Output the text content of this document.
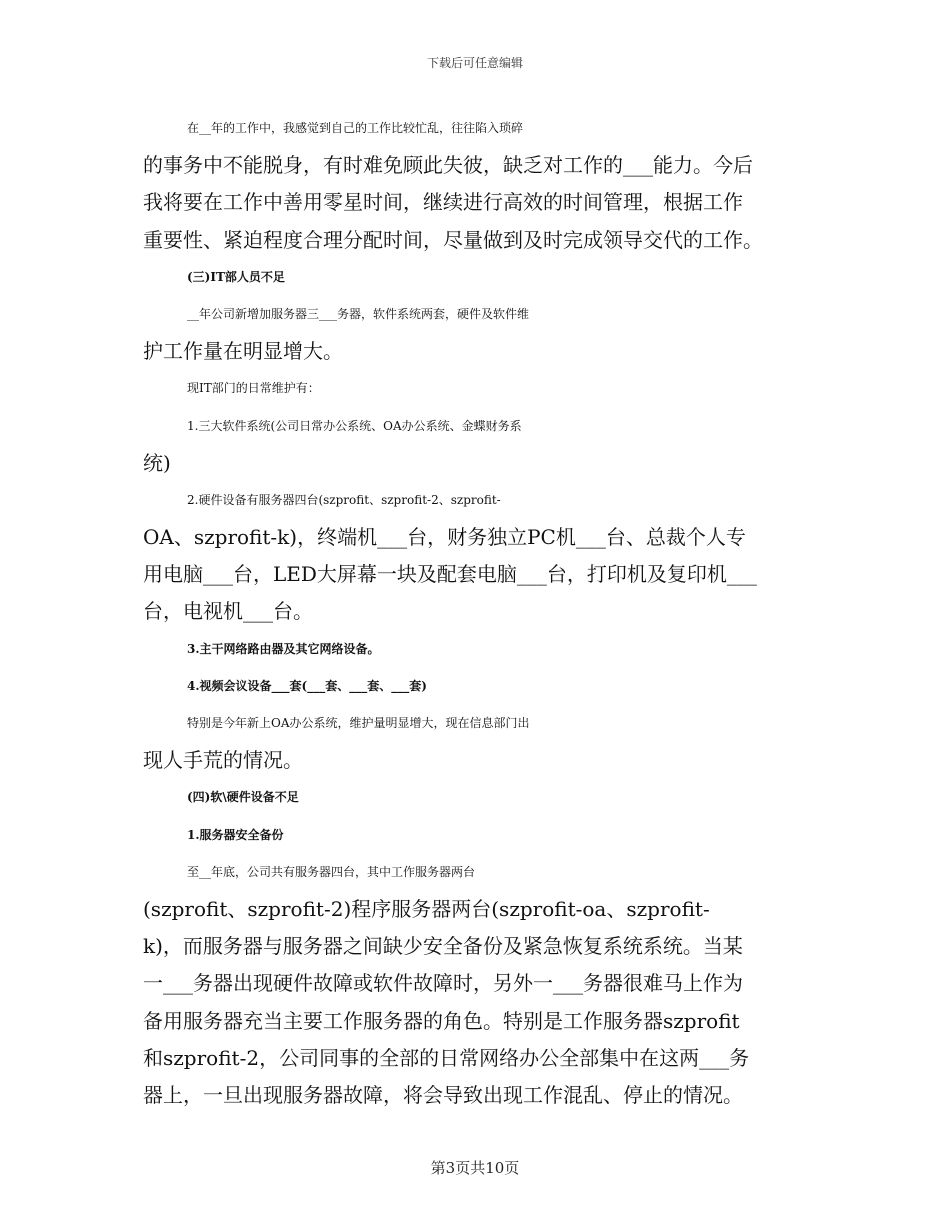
下载后可任意编辑
在__年的工作中，我感觉到自己的工作比较忙乱，往往陷入琐碎
的事务中不能脱身，有时难免顾此失彼，缺乏对工作的___能力。今后
我将要在工作中善用零星时间，继续进行高效的时间管理，根据工作
重要性、紧迫程度合理分配时间，尽量做到及时完成领导交代的工作。
(三)IT部人员不足
__年公司新增加服务器三___务器，软件系统两套，硬件及软件维
护工作量在明显增大。
现IT部门的日常维护有：
1.三大软件系统(公司日常办公系统、OA办公系统、金蝶财务系
统)
2.硬件设备有服务器四台(szprofit、szprofit-2、szprofit-
OA、szprofit-k)，终端机___台，财务独立PC机___台、总裁个人专
用电脑___台，LED大屏幕一块及配套电脑___台，打印机及复印机___
台，电视机___台。
3.主干网络路由器及其它网络设备。
4.视频会议设备___套(___套、___套、___套)
特别是今年新上OA办公系统，维护量明显增大，现在信息部门出
现人手荒的情况。
(四)软\硬件设备不足
1.服务器安全备份
至__年底，公司共有服务器四台，其中工作服务器两台
(szprofit、szprofit-2)程序服务器两台(szprofit-oa、szprofit-
k)，而服务器与服务器之间缺少安全备份及紧急恢复系统系统。当某
一___务器出现硬件故障或软件故障时，另外一___务器很难马上作为
备用服务器充当主要工作服务器的角色。特别是工作服务器szprofit
和szprofit-2，公司同事的全部的日常网络办公全部集中在这两___务
器上，一旦出现服务器故障，将会导致出现工作混乱、停止的情况。
第3页共10页
